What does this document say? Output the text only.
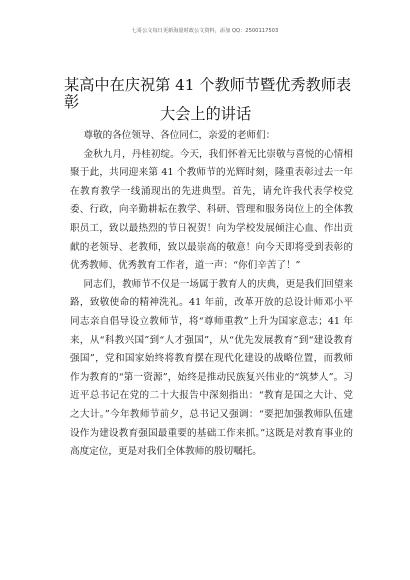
七哥公文每日更新海量时政公文资料，添加 QQ：2500117503
某高中在庆祝第 41 个教师节暨优秀教师表
彰
大会上的讲话

尊敬的各位领导、各位同仁，亲爱的老师们：

金秋九月，丹桂初绽。今天，我们怀着无比崇敬与喜悦的心情相聚于此，共同迎来第 41 个教师节的光辉时刻，隆重表彰过去一年在教育教学一线涌现出的先进典型。首先，请允许我代表学校党委、行政，向辛勤耕耘在教学、科研、管理和服务岗位上的全体教职员工，致以最热烈的节日祝贺！向为学校发展倾注心血、作出贡献的老领导、老教师，致以最崇高的敬意！向今天即将受到表彰的优秀教师、优秀教育工作者，道一声：“你们辛苦了！”

同志们，教师节不仅是一场属于教育人的庆典，更是我们回望来路，致敬使命的精神洗礼。41 年前，改革开放的总设计师邓小平同志亲自倡导设立教师节，将“尊师重教”上升为国家意志；41 年来，从“科教兴国”到“人才强国”，从“优先发展教育”到“建设教育强国”，党和国家始终将教育摆在现代化建设的战略位置，而教师作为教育的“第一资源”，始终是推动民族复兴伟业的“筑梦人”。习近平总书记在党的二十大报告中深刻指出：“教育是国之大计、党之大计。”今年教师节前夕，总书记又强调：“要把加强教师队伍建设作为建设教育强国最重要的基础工作来抓。”这既是对教育事业的高度定位，更是对我们全体教师的殷切嘱托。
